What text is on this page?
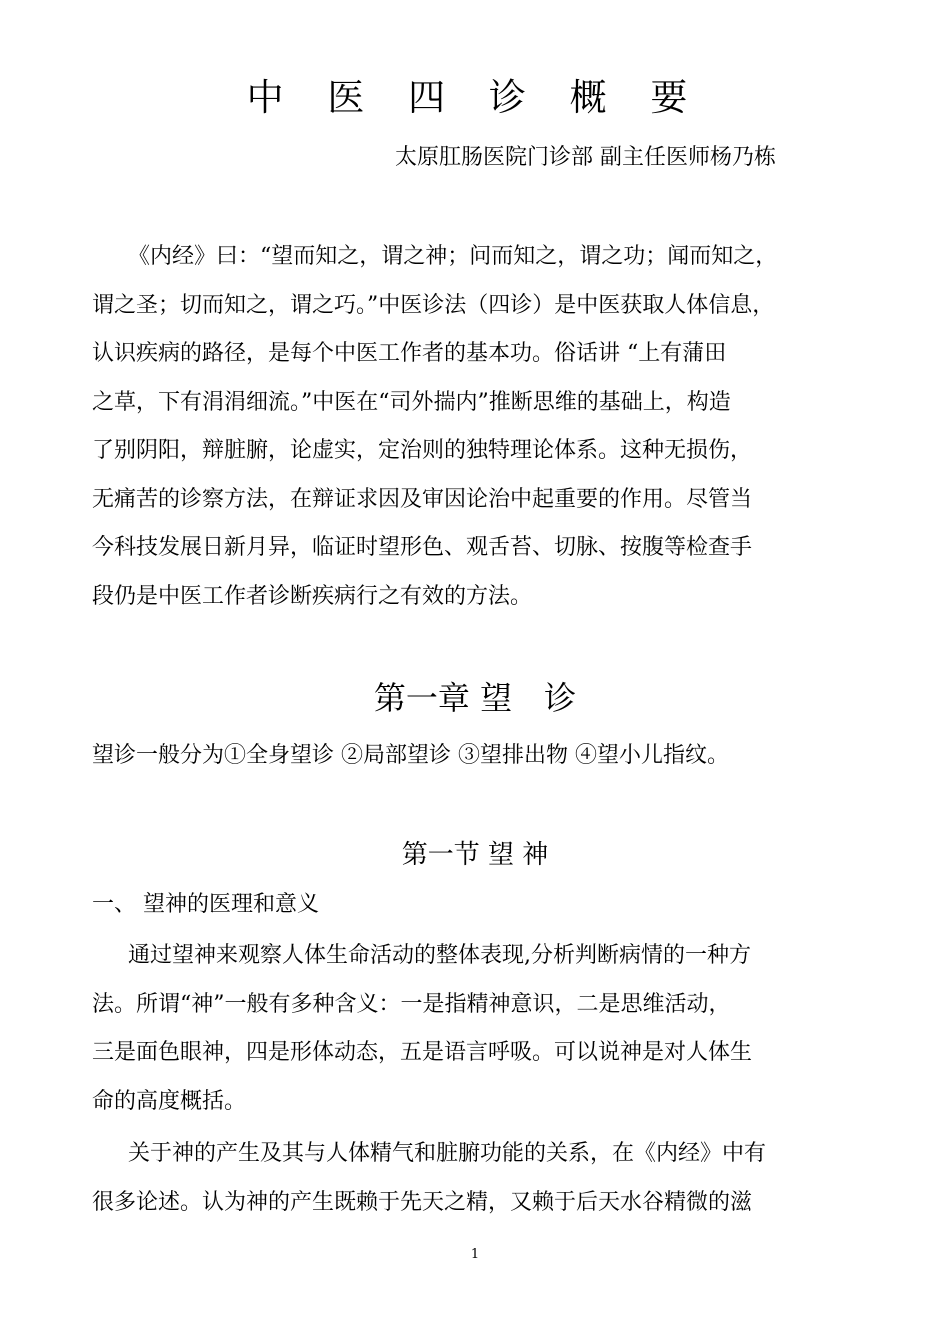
中 医 四 诊 概 要
太原肛肠医院门诊部 副主任医师杨乃栋
《内经》曰：“望而知之，谓之神；问而知之，谓之功；闻而知之，
谓之圣；切而知之，谓之巧。”中医诊法（四诊）是中医获取人体信息，
认识疾病的路径，是每个中医工作者的基本功。俗话讲 “上有蒲田
之草，下有涓涓细流。”中医在“司外揣内”推断思维的基础上，构造
了别阴阳，辩脏腑，论虚实，定治则的独特理论体系。这种无损伤，
无痛苦的诊察方法，在辩证求因及审因论治中起重要的作用。尽管当
今科技发展日新月异，临证时望形色、观舌苔、切脉、按腹等检查手
段仍是中医工作者诊断疾病行之有效的方法。
第一章 望　诊
望诊一般分为①全身望诊 ②局部望诊 ③望排出物 ④望小儿指纹。
第一节 望 神
一、 望神的医理和意义
通过望神来观察人体生命活动的整体表现,分析判断病情的一种方
法。所谓“神”一般有多种含义：一是指精神意识，二是思维活动，
三是面色眼神，四是形体动态，五是语言呼吸。可以说神是对人体生
命的高度概括。
关于神的产生及其与人体精气和脏腑功能的关系，在《内经》中有
很多论述。认为神的产生既赖于先天之精，又赖于后天水谷精微的滋
1
